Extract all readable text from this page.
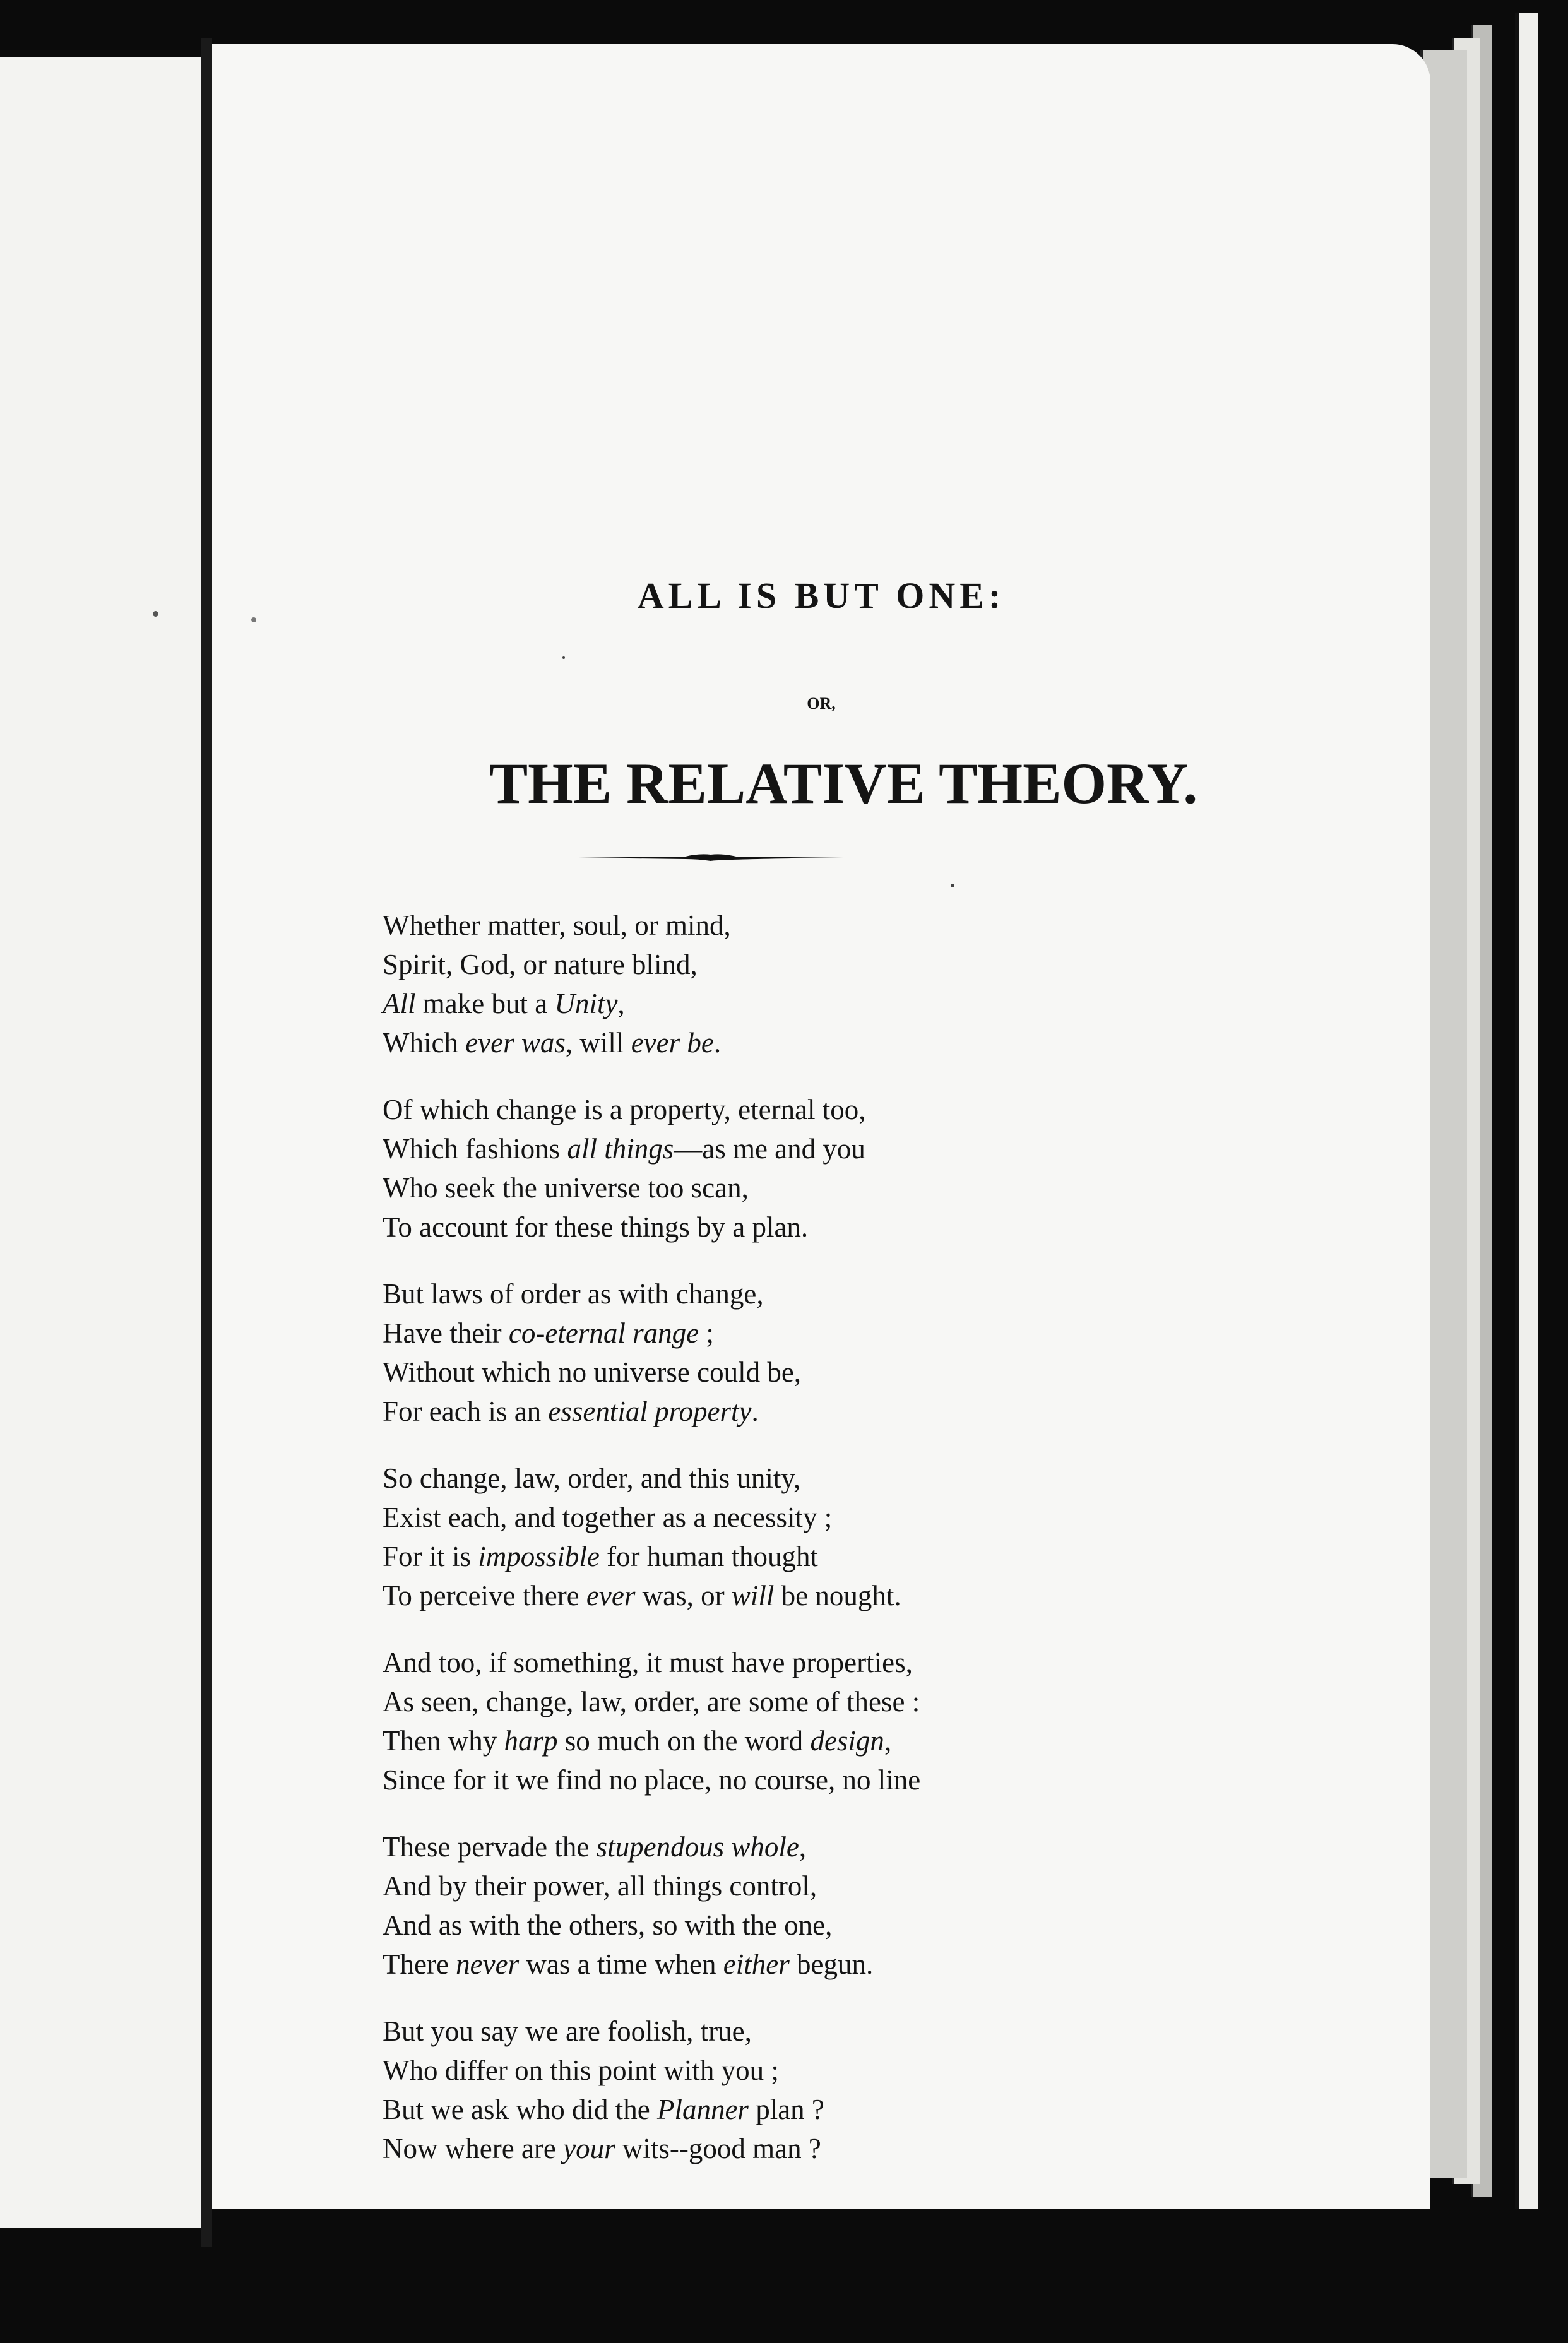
ALL IS BUT ONE:
OR,
THE RELATIVE THEORY.
Whether matter, soul, or mind,
Spirit, God, or nature blind,
All make but a Unity,
Which ever was, will ever be.
Of which change is a property, eternal too,
Which fashions all things—as me and you
Who seek the universe too scan,
To account for these things by a plan.
But laws of order as with change,
Have their co-eternal range ;
Without which no universe could be,
For each is an essential property.
So change, law, order, and this unity,
Exist each, and together as a necessity ;
For it is impossible for human thought
To perceive there ever was, or will be nought.
And too, if something, it must have properties,
As seen, change, law, order, are some of these :
Then why harp so much on the word design,
Since for it we find no place, no course, no line
These pervade the stupendous whole,
And by their power, all things control,
And as with the others, so with the one,
There never was a time when either begun.
But you say we are foolish, true,
Who differ on this point with you ;
But we ask who did the Planner plan ?
Now where are your wits--good man ?
